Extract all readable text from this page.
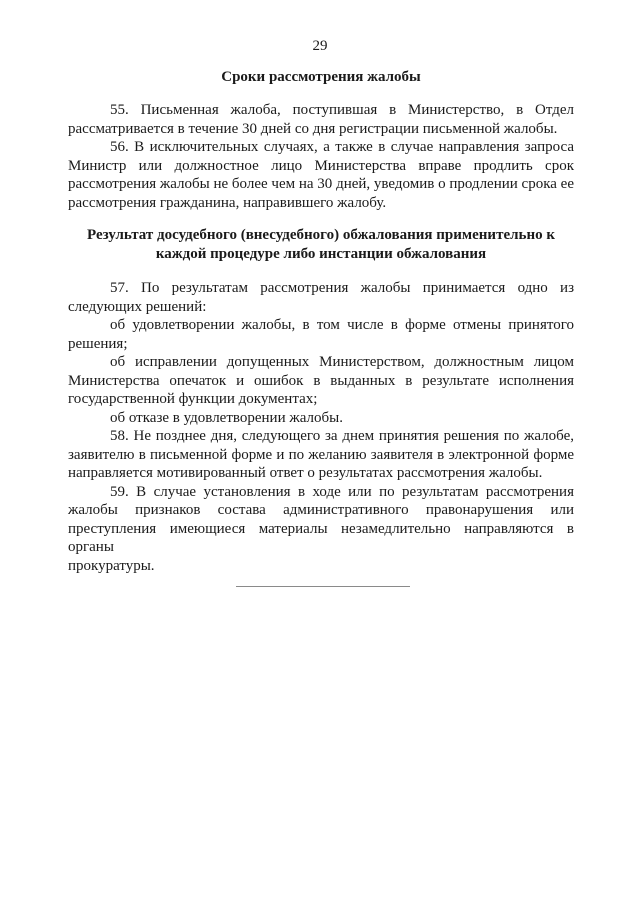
29
Сроки рассмотрения жалобы
55. Письменная жалоба, поступившая в Министерство, в Отдел
рассматривается в течение 30 дней со дня регистрации письменной жалобы.
56. В исключительных случаях, а также в случае направления запроса
Министр или должностное лицо Министерства вправе продлить срок
рассмотрения жалобы не более чем на 30 дней, уведомив о продлении срока ее
рассмотрения гражданина, направившего жалобу.
Результат досудебного (внесудебного) обжалования применительно к
каждой процедуре либо инстанции обжалования
57. По результатам рассмотрения жалобы принимается одно из
следующих решений:
об удовлетворении жалобы, в том числе в форме отмены принятого
решения;
об исправлении допущенных Министерством, должностным лицом
Министерства опечаток и ошибок в выданных в результате исполнения
государственной функции документах;
об отказе в удовлетворении жалобы.
58. Не позднее дня, следующего за днем принятия решения по жалобе,
заявителю в письменной форме и по желанию заявителя в электронной форме
направляется мотивированный ответ о результатах рассмотрения жалобы.
59. В случае установления в ходе или по результатам рассмотрения
жалобы признаков состава административного правонарушения или
преступления имеющиеся материалы незамедлительно направляются в органы
прокуратуры.
